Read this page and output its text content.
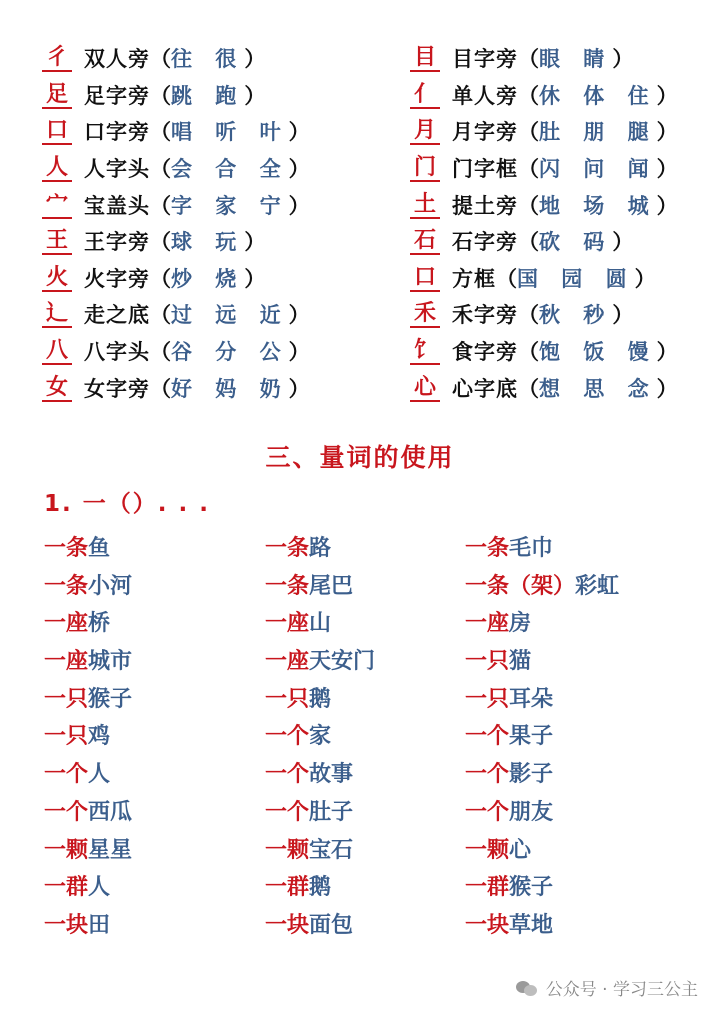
彳 双人旁 （ 往 很 ）
足 足字旁 （ 跳 跑 ）
口 口字旁 （ 唱 听 叶 ）
人 人字头 （ 会 合 全 ）
宀 宝盖头 （ 字 家 宁 ）
王 王字旁 （ 球 玩 ）
火 火字旁 （ 炒 烧 ）
辶 走之底 （ 过 远 近 ）
八 八字头 （ 谷 分 公 ）
女 女字旁 （ 好 妈 奶 ）
目 目字旁 （ 眼 睛 ）
亻 单人旁 （ 休 体 住 ）
月 月字旁 （ 肚 朋 腿 ）
门 门字框 （ 闪 问 闻 ）
土 提土旁 （ 地 场 城 ）
石 石字旁 （ 砍 码 ）
口 方框 （ 国 园 圆 ）
禾 禾字旁 （ 秋 秒 ）
饣 食字旁 （ 饱 饭 馒 ）
心 心字底 （ 想 思 念 ）
三、量词的使用
1. 一（）. . .
一条鱼	一条路	一条毛巾
一条小河	一条尾巴	一条（架）彩虹
一座桥	一座山	一座房
一座城市	一座天安门	一只猫
一只猴子	一只鹅	一只耳朵
一只鸡	一个家	一个果子
一个人	一个故事	一个影子
一个西瓜	一个肚子	一个朋友
一颗星星	一颗宝石	一颗心
一群人	一群鹅	一群猴子
一块田	一块面包	一块草地
公众号 · 学习三公主
